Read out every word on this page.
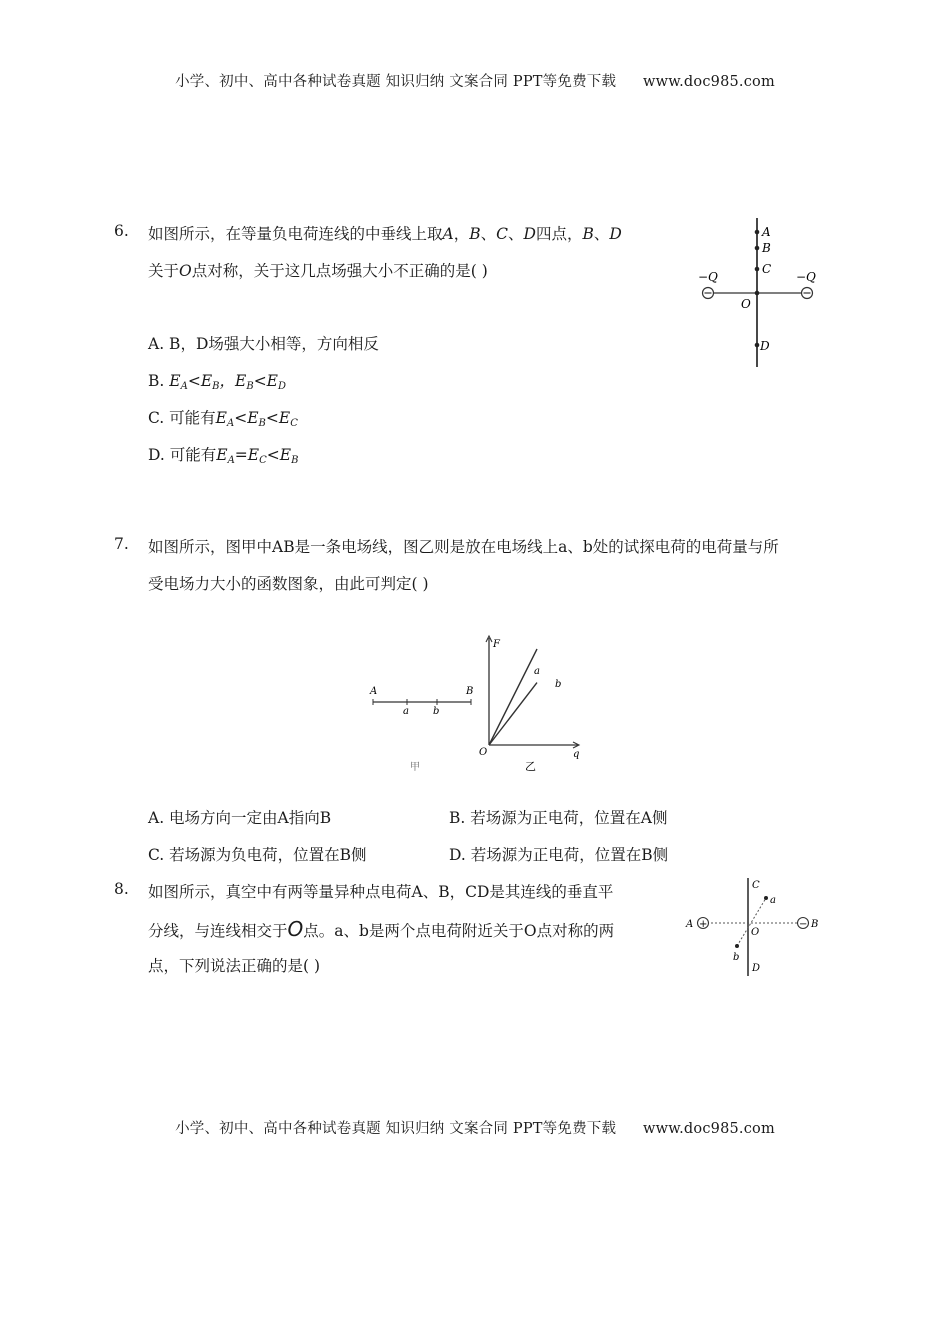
小学、初中、高中各种试卷真题 知识归纳 文案合同 PPT等免费下载 www.doc985.com
6. 如图所示，在等量负电荷连线的中垂线上取A，B、C、D四点，B、D
关于O点对称，关于这几点场强大小不正确的是( )
A. B，D场强大小相等，方向相反
B. $E_A<E_B$，$E_B<E_D$
C. 可能有$E_A<E_B<E_C$
D. 可能有$E_A=E_C<E_B$
A
B
C
O
D
−Q	−Q
7. 如图所示，图甲中AB是一条电场线，图乙则是放在电场线上a、b处的试探电荷的电荷量与所
受电场力大小的函数图象，由此可判定( )
A
a b
B
甲
F
q
O
a
b
乙
A. 电场方向一定由A指向B	B. 若场源为正电荷，位置在A侧
C. 若场源为负电荷，位置在B侧	D. 若场源为正电荷，位置在B侧
8. 如图所示，真空中有两等量异种点电荷A、B，CD是其连线的垂直平
分线，与连线相交于O点。a、b是两个点电荷附近关于O点对称的两
点，下列说法正确的是( )
+	−
A	B
C
D
O
a
b
小学、初中、高中各种试卷真题 知识归纳 文案合同 PPT等免费下载 www.doc985.com
